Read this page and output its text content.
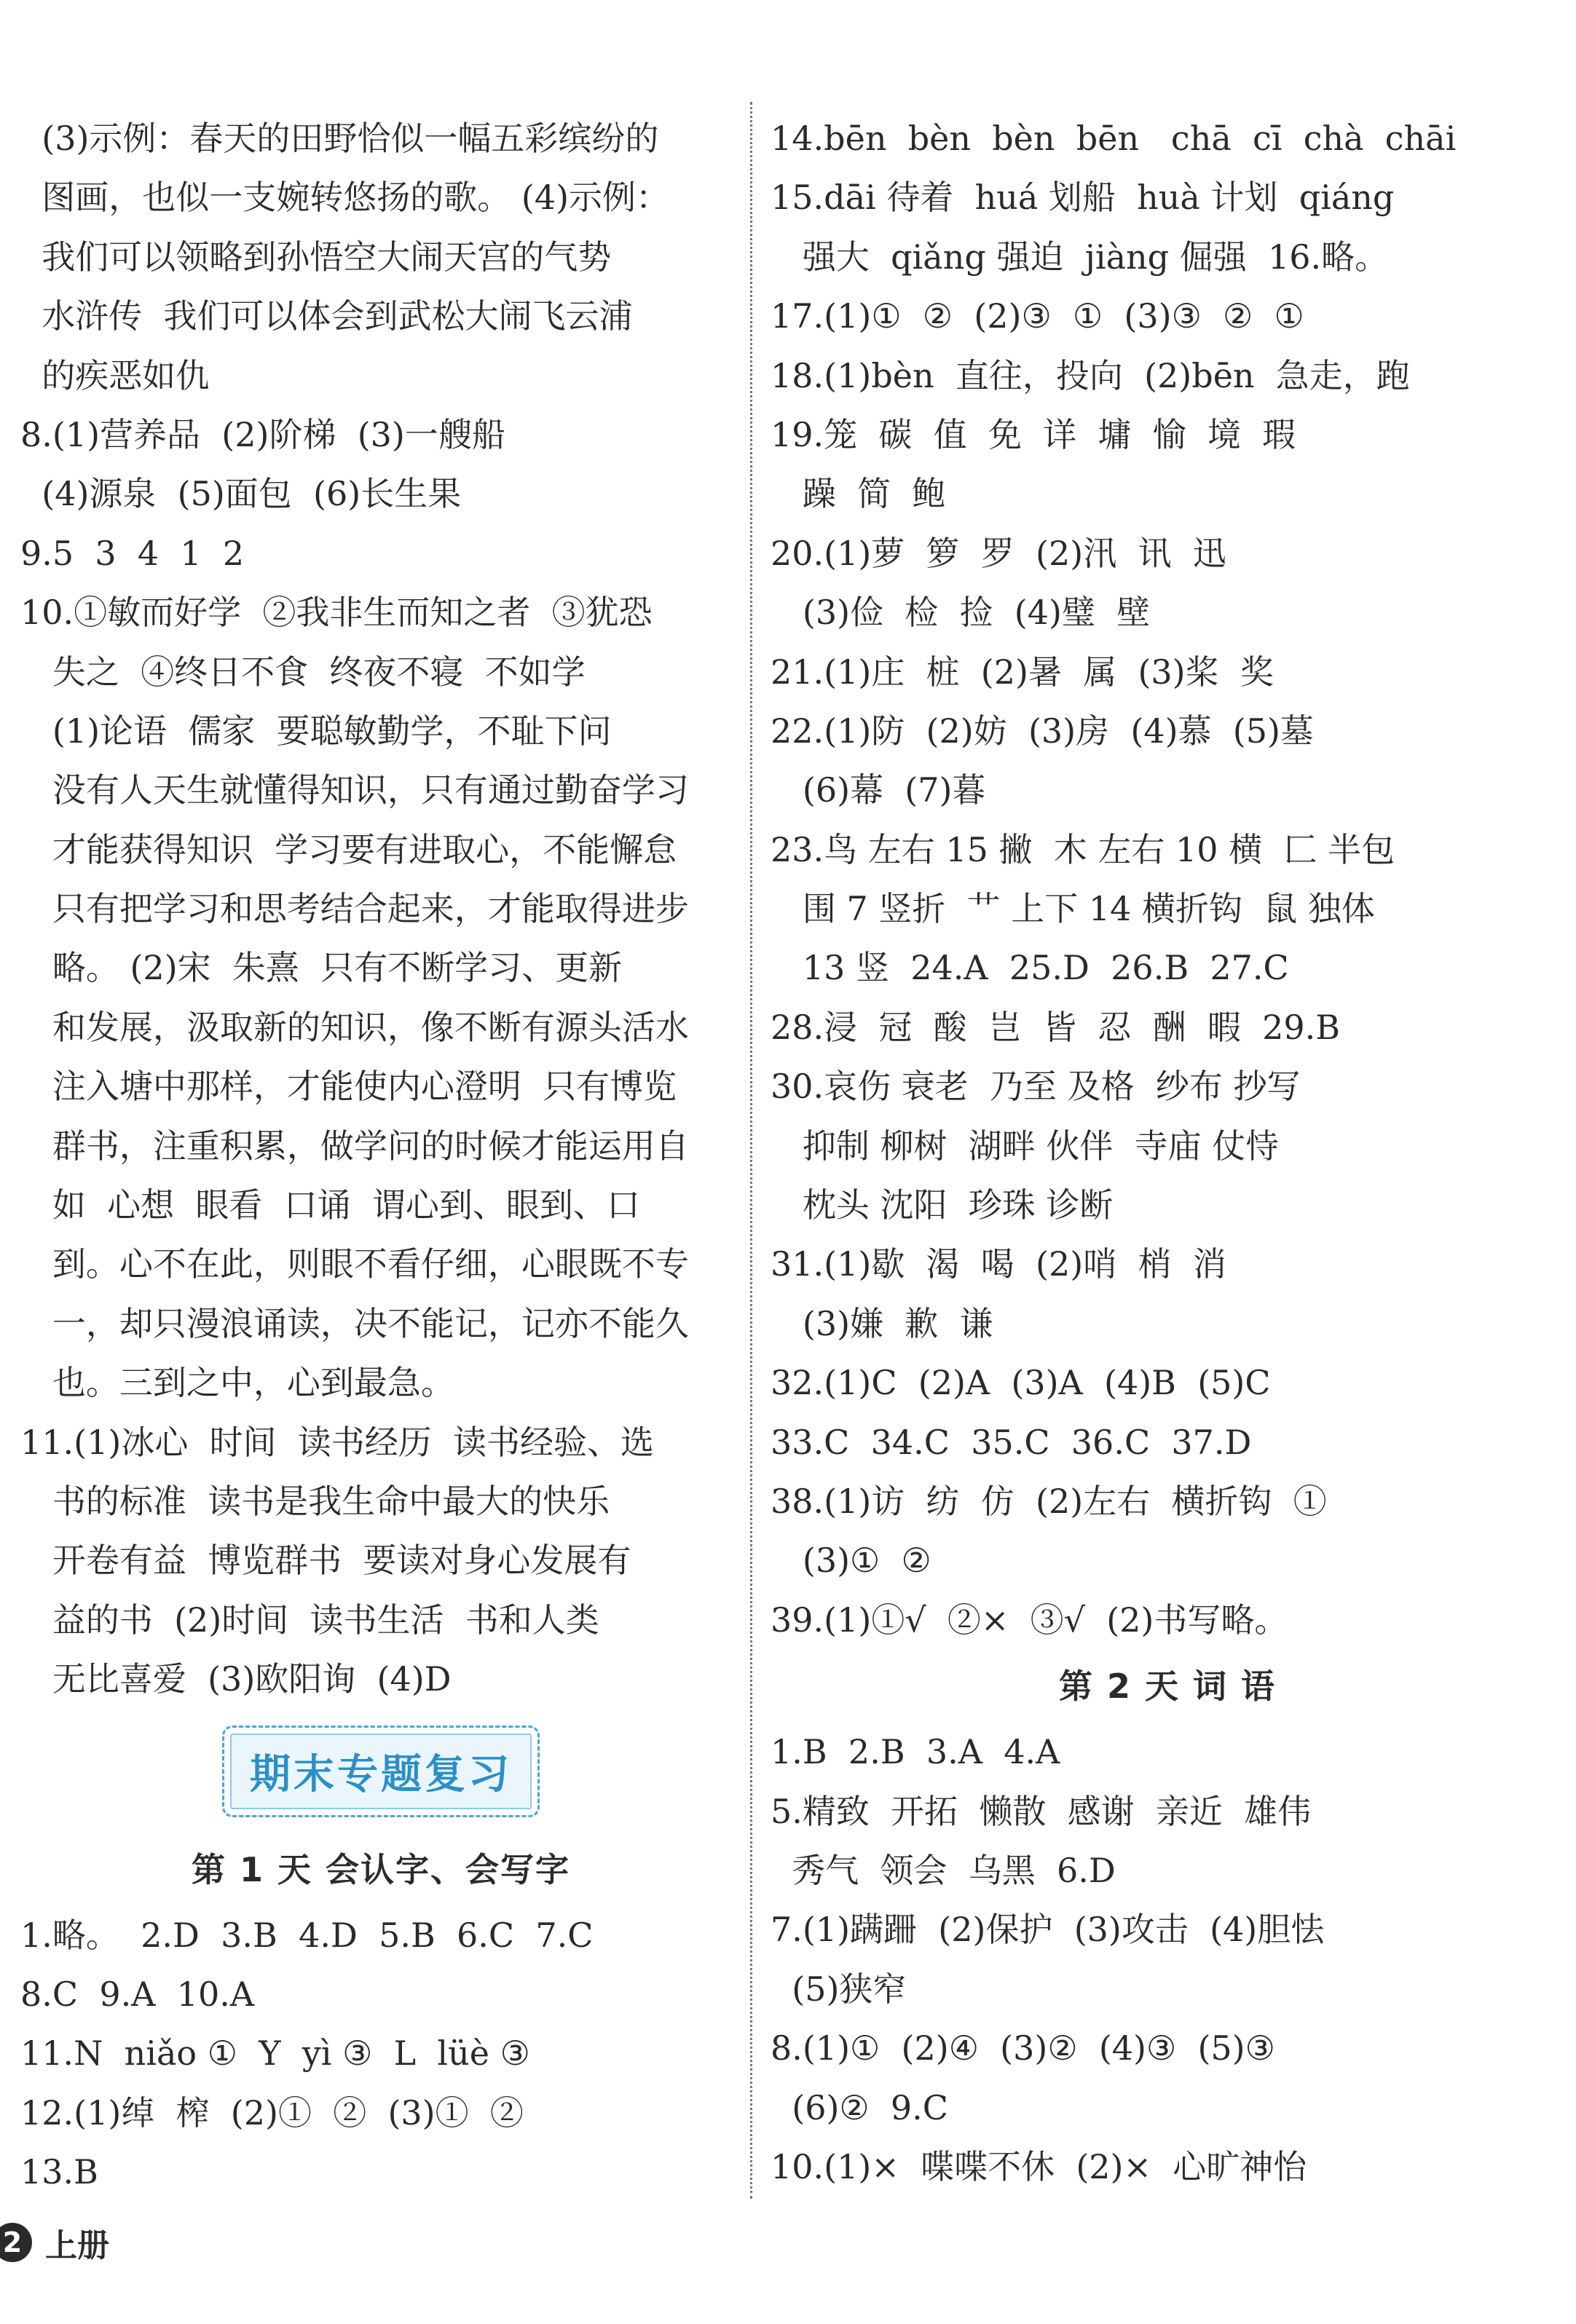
(3)示例：春天的田野恰似一幅五彩缤纷的
图画，也似一支婉转悠扬的歌。 (4)示例：
我们可以领略到孙悟空大闹天宫的气势
水浒传  我们可以体会到武松大闹飞云浦
的疾恶如仇
8.(1)营养品  (2)阶梯  (3)一艘船
(4)源泉  (5)面包  (6)长生果
9.5  3  4  1  2
10.①敏而好学  ②我非生而知之者  ③犹恐
失之  ④终日不食  终夜不寝  不如学
(1)论语  儒家  要聪敏勤学，不耻下问
没有人天生就懂得知识，只有通过勤奋学习
才能获得知识  学习要有进取心，不能懈怠
只有把学习和思考结合起来，才能取得进步
略。 (2)宋  朱熹  只有不断学习、更新
和发展，汲取新的知识，像不断有源头活水
注入塘中那样，才能使内心澄明  只有博览
群书，注重积累，做学问的时候才能运用自
如  心想  眼看  口诵  谓心到、眼到、口
到。心不在此，则眼不看仔细，心眼既不专
一，却只漫浪诵读，决不能记，记亦不能久
也。三到之中，心到最急。
11.(1)冰心  时间  读书经历  读书经验、选
书的标准  读书是我生命中最大的快乐
开卷有益  博览群书  要读对身心发展有
益的书  (2)时间  读书生活  书和人类
无比喜爱  (3)欧阳询  (4)D
期末专题复习
第 1 天 会认字、会写字
1.略。  2.D  3.B  4.D  5.B  6.C  7.C
8.C  9.A  10.A
11.N  niǎo ①  Y  yì ③  L  lüè ③
12.(1)绰  榨  (2)①  ②  (3)①  ②
13.B
14.bēn  bèn  bèn  bēn   chā  cī  chà  chāi
15.dāi 待着  huá 划船  huà 计划  qiáng
强大  qiǎng 强迫  jiàng 倔强  16.略。
17.(1)①  ②  (2)③  ①  (3)③  ②  ①
18.(1)bèn  直往，投向  (2)bēn  急走，跑
19.笼  碳  值  免  详  墉  愉  境  瑕
躁  简  鲍
20.(1)萝  箩  罗  (2)汛  讯  迅
(3)俭  检  捡  (4)璧  壁
21.(1)庄  桩  (2)暑  属  (3)桨  奖
22.(1)防  (2)妨  (3)房  (4)慕  (5)墓
(6)幕  (7)暮
23.鸟 左右 15 撇  木 左右 10 横  匚 半包
围 7 竖折  艹 上下 14 横折钩  鼠 独体
13 竖  24.A  25.D  26.B  27.C
28.浸  冠  酸  岂  皆  忍  酬  暇  29.B
30.哀伤 衰老  乃至 及格  纱布 抄写
抑制 柳树  湖畔 伙伴  寺庙 仗恃
枕头 沈阳  珍珠 诊断
31.(1)歇  渴  喝  (2)哨  梢  消
(3)嫌  歉  谦
32.(1)C  (2)A  (3)A  (4)B  (5)C
33.C  34.C  35.C  36.C  37.D
38.(1)访  纺  仿  (2)左右  横折钩  ①
(3)①  ②
39.(1)①√  ②×  ③√  (2)书写略。
第 2 天 词 语
1.B  2.B  3.A  4.A
5.精致  开拓  懒散  感谢  亲近  雄伟
秀气  领会  乌黑  6.D
7.(1)蹒跚  (2)保护  (3)攻击  (4)胆怯
(5)狭窄
8.(1)①  (2)④  (3)②  (4)③  (5)③
(6)②  9.C
10.(1)×  喋喋不休  (2)×  心旷神怡
2 上册
